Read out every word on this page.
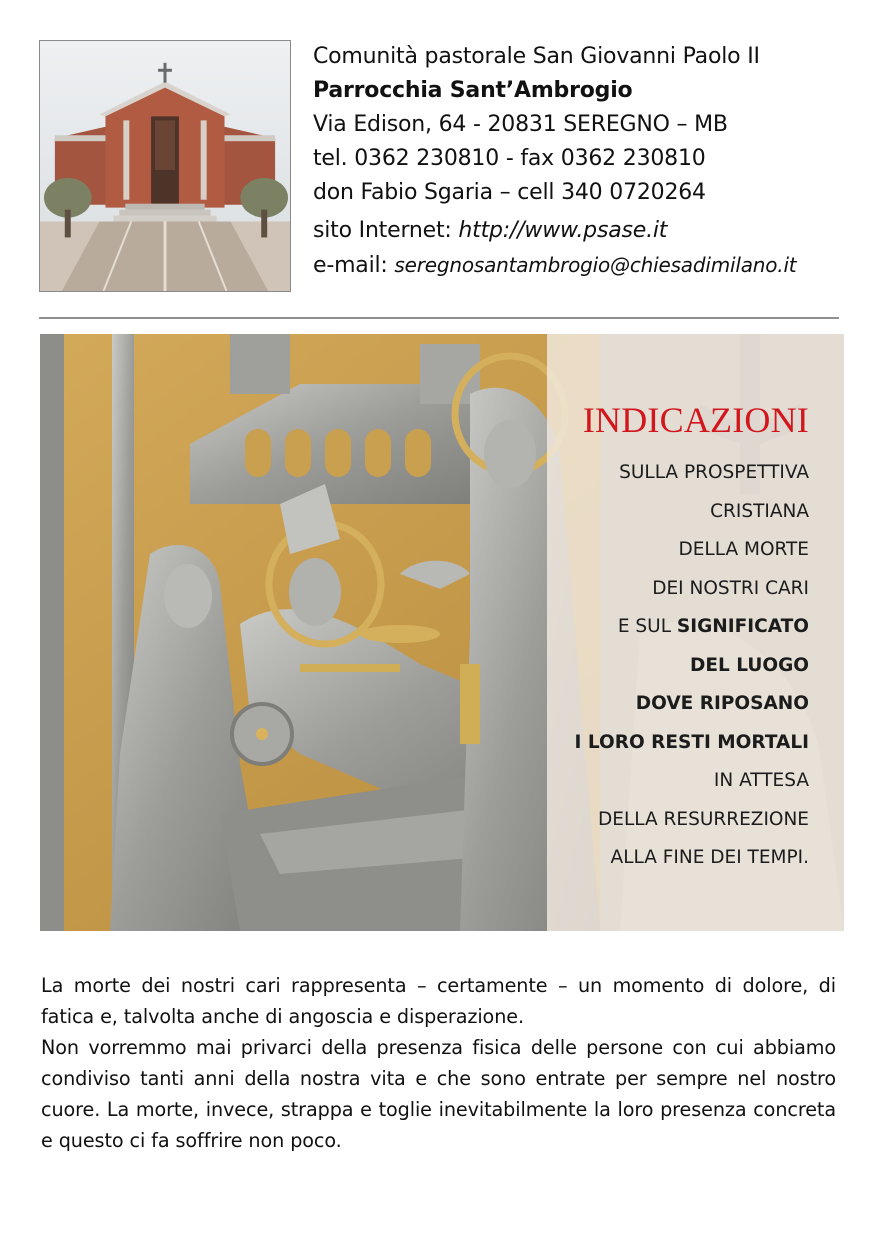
Comunità pastorale San Giovanni Paolo II
Parrocchia Sant’Ambrogio
Via Edison, 64 - 20831 SEREGNO – MB
tel. 0362 230810 - fax 0362 230810
don Fabio Sgaria – cell 340 0720264
sito Internet: http://www.psase.it
e-mail: seregnosantambrogio@chiesadimilano.it
INDICAZIONI
SULLA PROSPETTIVA
CRISTIANA
DELLA MORTE
DEI NOSTRI CARI
E SUL SIGNIFICATO
DEL LUOGO
DOVE RIPOSANO
I LORO RESTI MORTALI
IN ATTESA
DELLA RESURREZIONE
ALLA FINE DEI TEMPI.

La morte dei nostri cari rappresenta – certamente – un momento di dolore, di fatica e, talvolta anche di angoscia e disperazione.

Non vorremmo mai privarci della presenza fisica delle persone con cui abbiamo condiviso tanti anni della nostra vita e che sono entrate per sempre nel nostro cuore. La morte, invece, strappa e toglie inevitabilmente la loro presenza concreta e questo ci fa soffrire non poco.
